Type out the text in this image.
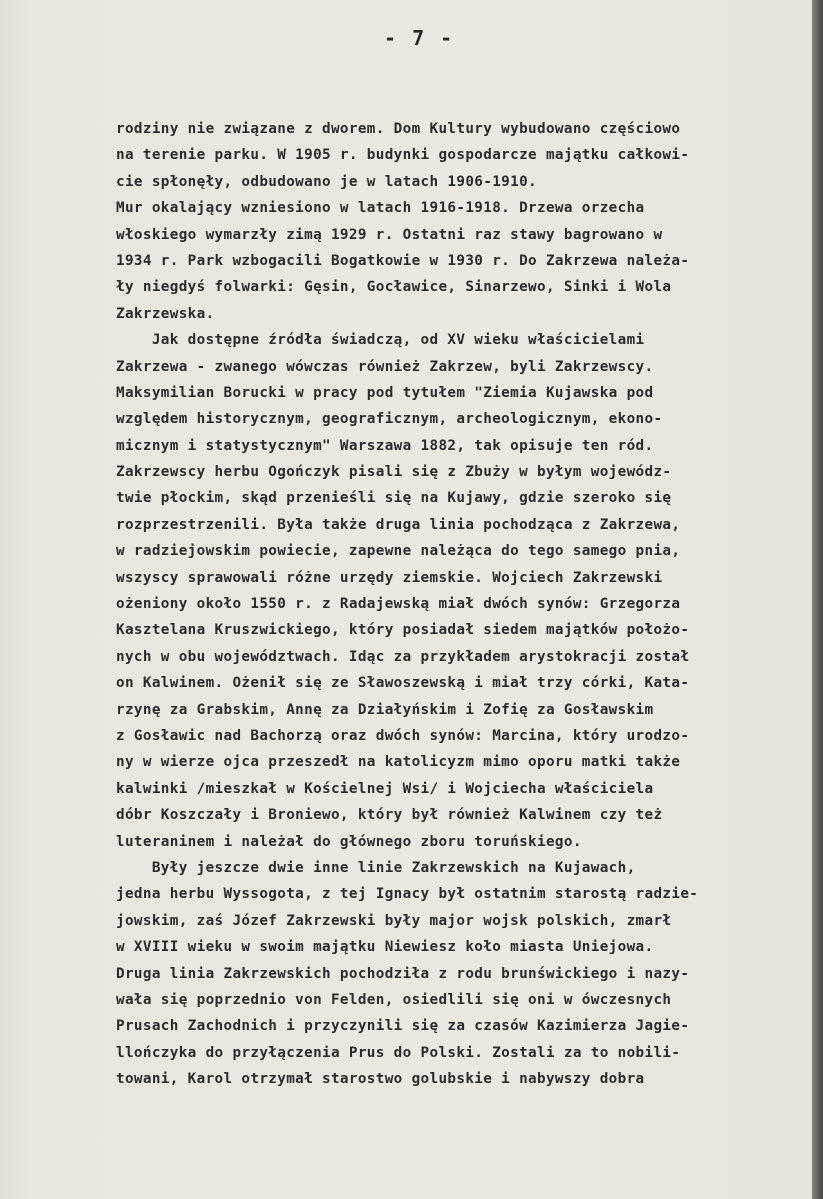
- 7 -
rodziny nie związane z dworem. Dom Kultury wybudowano częściowo
na terenie parku. W 1905 r. budynki gospodarcze majątku całkowi-
cie spłonęły, odbudowano je w latach 1906-1910.
Mur okalający wzniesiono w latach 1916-1918. Drzewa orzecha
włoskiego wymarzły zimą 1929 r. Ostatni raz stawy bagrowano w
1934 r. Park wzbogacili Bogatkowie w 1930 r. Do Zakrzewa należa-
ły niegdyś folwarki: Gęsin, Gocławice, Sinarzewo, Sinki i Wola
Zakrzewska.
Jak dostępne źródła świadczą, od XV wieku właścicielami
Zakrzewa - zwanego wówczas również Zakrzew, byli Zakrzewscy.
Maksymilian Borucki w pracy pod tytułem "Ziemia Kujawska pod
względem historycznym, geograficznym, archeologicznym, ekono-
micznym i statystycznym" Warszawa 1882, tak opisuje ten ród.
Zakrzewscy herbu Ogończyk pisali się z Zbuży w byłym wojewódz-
twie płockim, skąd przenieśli się na Kujawy, gdzie szeroko się
rozprzestrzenili. Była także druga linia pochodząca z Zakrzewa,
w radziejowskim powiecie, zapewne należąca do tego samego pnia,
wszyscy sprawowali różne urzędy ziemskie. Wojciech Zakrzewski
ożeniony około 1550 r. z Radajewską miał dwóch synów: Grzegorza
Kasztelana Kruszwickiego, który posiadał siedem majątków położo-
nych w obu województwach. Idąc za przykładem arystokracji został
on Kalwinem. Ożenił się ze Sławoszewską i miał trzy córki, Kata-
rzynę za Grabskim, Annę za Działyńskim i Zofię za Gosławskim
z Gosławic nad Bachorzą oraz dwóch synów: Marcina, który urodzo-
ny w wierze ojca przeszedł na katolicyzm mimo oporu matki także
kalwinki /mieszkał w Kościelnej Wsi/ i Wojciecha właściciela
dóbr Koszczały i Broniewo, który był również Kalwinem czy też
luteraninem i należał do głównego zboru toruńskiego.
Były jeszcze dwie inne linie Zakrzewskich na Kujawach,
jedna herbu Wyssogota, z tej Ignacy był ostatnim starostą radzie-
jowskim, zaś Józef Zakrzewski były major wojsk polskich, zmarł
w XVIII wieku w swoim majątku Niewiesz koło miasta Uniejowa.
Druga linia Zakrzewskich pochodziła z rodu brunświckiego i nazy-
wała się poprzednio von Felden, osiedlili się oni w ówczesnych
Prusach Zachodnich i przyczynili się za czasów Kazimierza Jagie-
llończyka do przyłączenia Prus do Polski. Zostali za to nobili-
towani, Karol otrzymał starostwo golubskie i nabywszy dobra
